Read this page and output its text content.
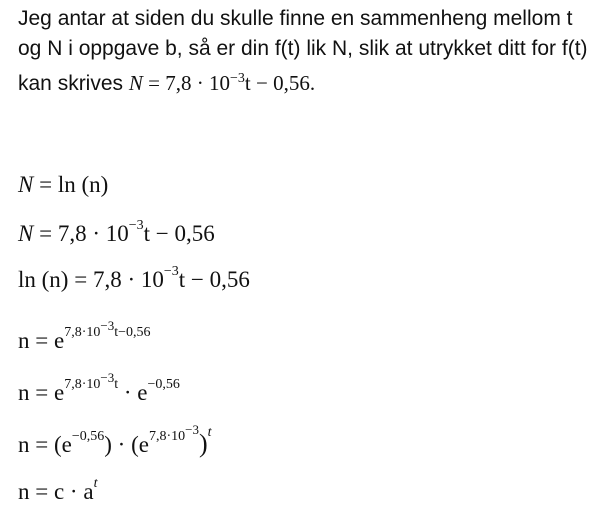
Jeg antar at siden du skulle finne en sammenheng mellom t og N i oppgave b, så er din f(t) lik N, slik at utrykket ditt for f(t) kan skrives $N = 7,8 \cdot 10^{-3}t - 0,56$.

N = ln (n)
$N = 7,8 \cdot 10^{-3}t - 0,56$
$\ln (n) = 7,8 \cdot 10^{-3}t - 0,56$
$n = e^{7,8\cdot 10-3t-0,56}$
$n = e^{7,8\cdot 10-3t} \cdot e^{-0,56}$
$n = (e^{-0,56}) \cdot (e^{7,8\cdot 10-3})^t$
$n = c \cdot a^t$
